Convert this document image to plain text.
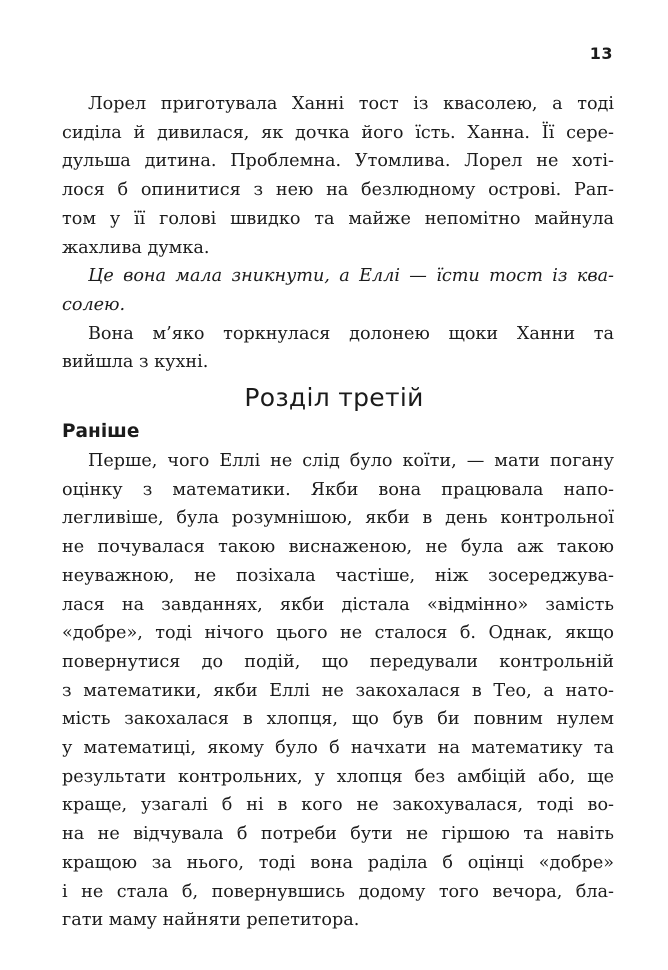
13
Лорел приготувала Ханні тост із квасолею, а тоді
сиділа й дивилася, як дочка його їсть. Ханна. Її сере-
дульша дитина. Проблемна. Утомлива. Лорел не хоті-
лося б опинитися з нею на безлюдному острові. Рап-
том у її голові швидко та майже непомітно майнула
жахлива думка.
Це вона мала зникнути, а Еллі — їсти тост із ква-
солею.
Вона м’яко торкнулася долонею щоки Ханни та
вийшла з кухні.
Розділ третій
Раніше
Перше, чого Еллі не слід було коїти, — мати погану
оцінку з математики. Якби вона працювала напо-
легливіше, була розумнішою, якби в день контрольної
не почувалася такою виснаженою, не була аж такою
неуважною, не позіхала частіше, ніж зосереджува-
лася на завданнях, якби дістала «відмінно» замість
«добре», тоді нічого цього не сталося б. Однак, якщо
повернутися до подій, що передували контрольній
з математики, якби Еллі не закохалася в Тео, а нато-
мість закохалася в хлопця, що був би повним нулем
у математиці, якому було б начхати на математику та
результати контрольних, у хлопця без амбіцій або, ще
краще, узагалі б ні в кого не закохувалася, тоді во-
на не відчувала б потреби бути не гіршою та навіть
кращою за нього, тоді вона раділа б оцінці «добре»
і не стала б, повернувшись додому того вечора, бла-
гати маму найняти репетитора.
